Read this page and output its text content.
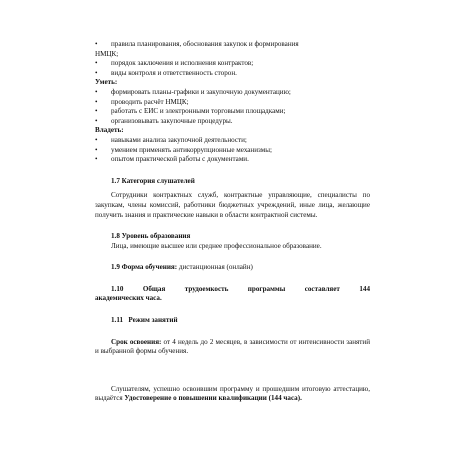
•	правила планирования, обоснования закупок и формирования
НМЦК;
•	порядок заключения и исполнения контрактов;
•	виды контроля и ответственность сторон.
Уметь:
•	формировать планы-графики и закупочную документацию;
•	проводить расчёт НМЦК;
•	работать с ЕИС и электронными торговыми площадками;
•	организовывать закупочные процедуры.
Владеть:
•	навыками анализа закупочной деятельности;
•	умением применять антикоррупционные механизмы;
•	опытом практической работы с документами.
1.7 Категория слушателей
Сотрудники контрактных служб, контрактные управляющие, специалисты по закупкам, члены комиссий, работники бюджетных учреждений, иные лица, желающие получить знания и практические навыки в области контрактной системы.
1.8 Уровень образования
Лица, имеющие высшее или среднее профессиональное образование.
1.9 Форма обучения: дистанционная (онлайн)
1.10 Общая трудоемкость программы составляет 144
академических часа.
1.11   Режим занятий
Срок освоения: от 4 недель до 2 месяцев, в зависимости от интенсивности занятий и выбранной формы обучения.
Слушателям, успешно освоившим программу и прошедшим итоговую аттестацию, выдаётся Удостоверение о повышении квалификации (144 часа).
